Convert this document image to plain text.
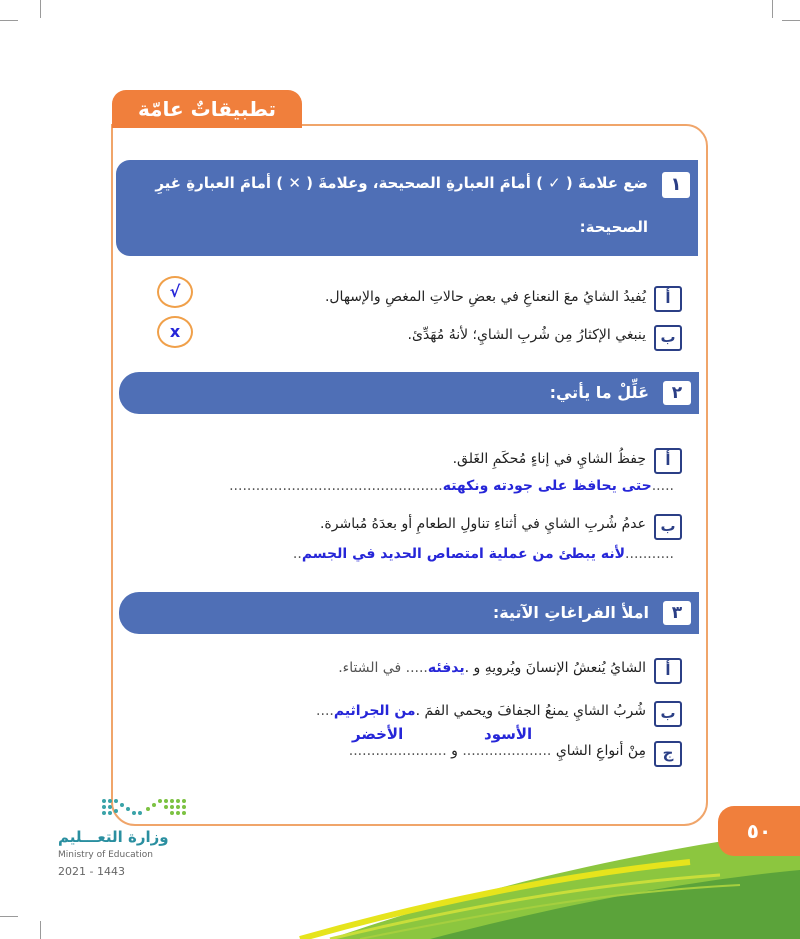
تطبيقاتٌ عامّة
١
ضع علامةَ ( ✓ ) أمامَ العبارةِ الصحيحة، وعلامةَ ( ✕ ) أمامَ العبارةِ غيرِ
الصحيحة:
أ
يُفيدُ الشايُ معَ النعناعِ في بعضِ حالاتِ المغصِ والإسهال.
√
ب
ينبغي الإكثارُ مِن شُربِ الشايِ؛ لأنهُ مُهَدِّئ.
x
٢
عَلِّلْ ما يأتي:
أ
حِفظُ الشايِ في إناءٍ مُحكَمِ الغَلق.
.....حتى يحافظ على جودته ونكهته................................................
ب
عدمُ شُربِ الشايِ في أثناءِ تناولِ الطعامِ أو بعدَهُ مُباشرة.
...........لأنه يبطئ من عملية امتصاص الحديد في الجسم..
٣
املأ الفراغاتِ الآتية:
أ
الشايُ يُنعشُ الإنسانَ ويُرويهِ و .يدفئه..... في الشتاء.
ب
شُربُ الشايِ يمنعُ الجفافَ ويحمي الفمَ .من الجراثيم....
ج
مِنْ أنواعِ الشايِ .................... و ......................
الأسود
الأخضر
وزارة التعـــليم
Ministry of Education
2021 - 1443
٥٠
